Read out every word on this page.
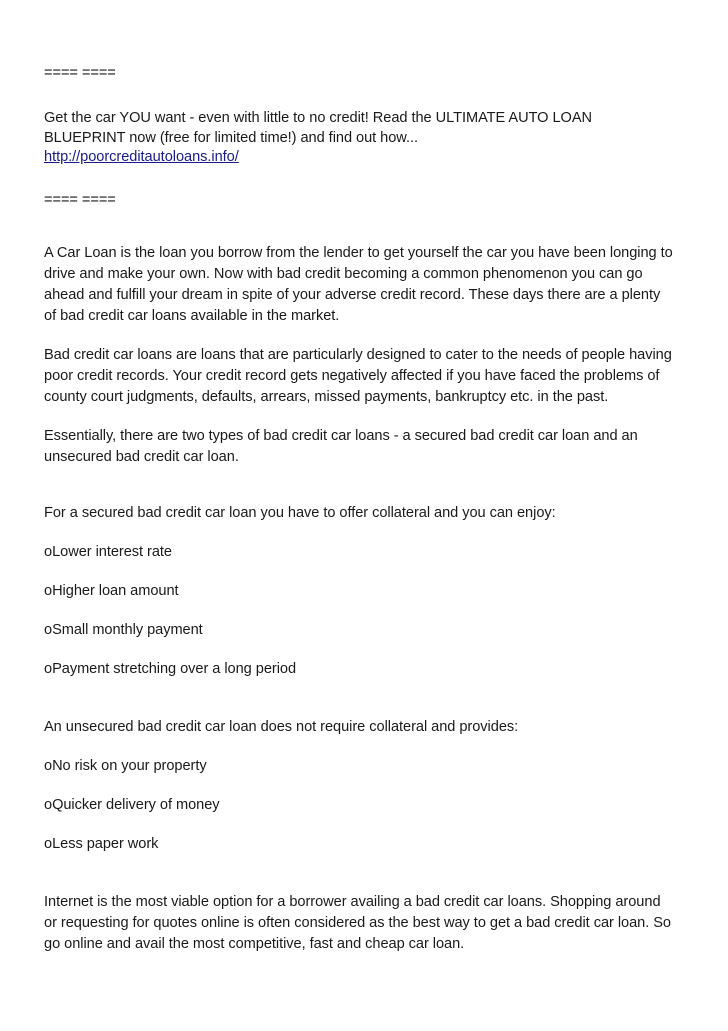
==== ====
Get the car YOU want - even with little to no credit! Read the ULTIMATE AUTO LOAN
BLUEPRINT now (free for limited time!) and find out how...
http://poorcreditautoloans.info/
==== ====
A Car Loan is the loan you borrow from the lender to get yourself the car you have been longing to
drive and make your own. Now with bad credit becoming a common phenomenon you can go
ahead and fulfill your dream in spite of your adverse credit record. These days there are a plenty
of bad credit car loans available in the market.
Bad credit car loans are loans that are particularly designed to cater to the needs of people having
poor credit records. Your credit record gets negatively affected if you have faced the problems of
county court judgments, defaults, arrears, missed payments, bankruptcy etc. in the past.
Essentially, there are two types of bad credit car loans - a secured bad credit car loan and an
unsecured bad credit car loan.
For a secured bad credit car loan you have to offer collateral and you can enjoy:
oLower interest rate
oHigher loan amount
oSmall monthly payment
oPayment stretching over a long period
An unsecured bad credit car loan does not require collateral and provides:
oNo risk on your property
oQuicker delivery of money
oLess paper work
Internet is the most viable option for a borrower availing a bad credit car loans. Shopping around
or requesting for quotes online is often considered as the best way to get a bad credit car loan. So
go online and avail the most competitive, fast and cheap car loan.
